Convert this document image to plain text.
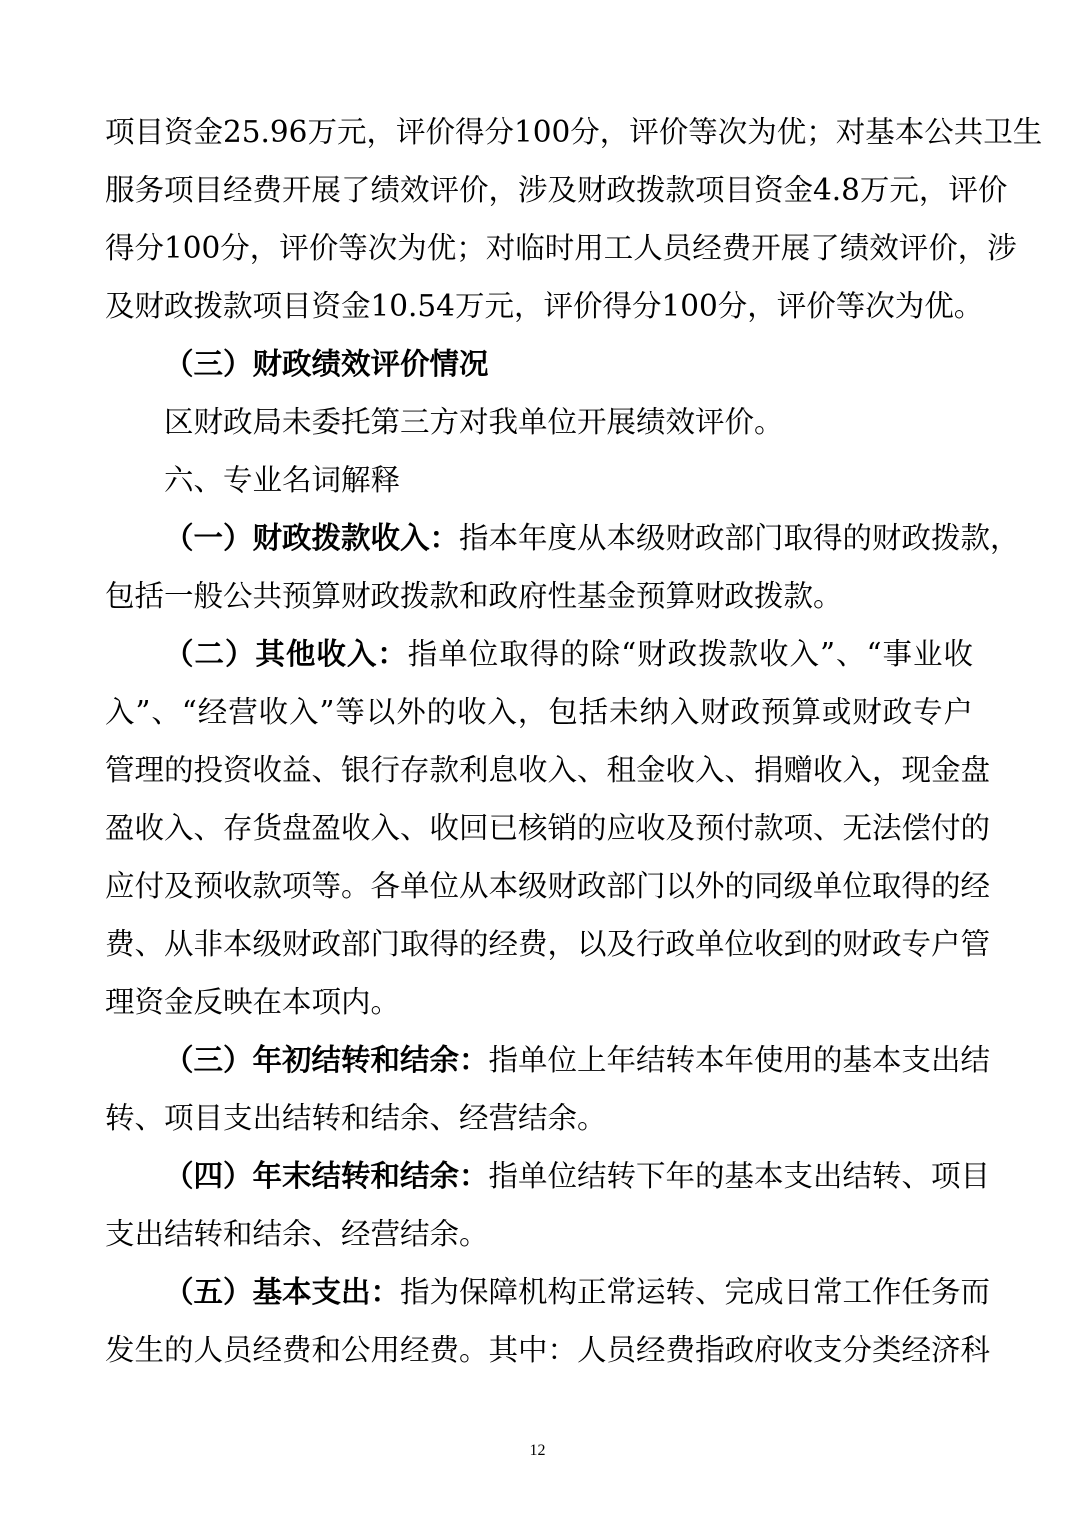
项目资金25.96万元，评价得分100分，评价等次为优；对基本公共卫生
服务项目经费开展了绩效评价，涉及财政拨款项目资金4.8万元，评价
得分100分，评价等次为优；对临时用工人员经费开展了绩效评价，涉
及财政拨款项目资金10.54万元，评价得分100分，评价等次为优。
（三）财政绩效评价情况
区财政局未委托第三方对我单位开展绩效评价。
六、专业名词解释
（一）财政拨款收入：指本年度从本级财政部门取得的财政拨款，
包括一般公共预算财政拨款和政府性基金预算财政拨款。
（二）其他收入：指单位取得的除“财政拨款收入”、“事业收
入”、“经营收入”等以外的收入，包括未纳入财政预算或财政专户
管理的投资收益、银行存款利息收入、租金收入、捐赠收入，现金盘
盈收入、存货盘盈收入、收回已核销的应收及预付款项、无法偿付的
应付及预收款项等。各单位从本级财政部门以外的同级单位取得的经
费、从非本级财政部门取得的经费，以及行政单位收到的财政专户管
理资金反映在本项内。
（三）年初结转和结余：指单位上年结转本年使用的基本支出结
转、项目支出结转和结余、经营结余。
（四）年末结转和结余：指单位结转下年的基本支出结转、项目
支出结转和结余、经营结余。
（五）基本支出：指为保障机构正常运转、完成日常工作任务而
发生的人员经费和公用经费。其中：人员经费指政府收支分类经济科
12
